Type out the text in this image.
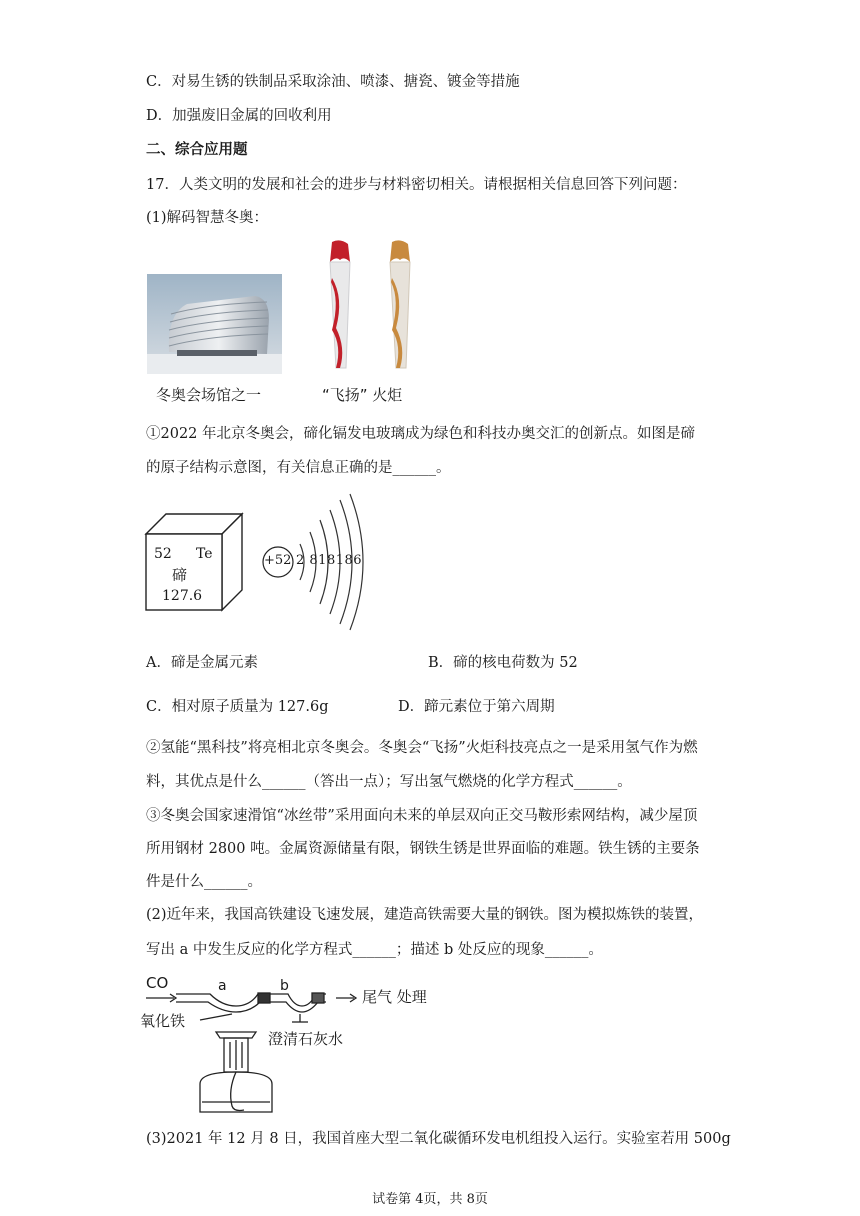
C．对易生锈的铁制品采取涂油、喷漆、搪瓷、镀金等措施
D．加强废旧金属的回收利用
二、综合应用题
17．人类文明的发展和社会的进步与材料密切相关。请根据相关信息回答下列问题：
(1)解码智慧冬奥：
冬奥会场馆之一	“飞扬” 火炬
①2022 年北京冬奥会，碲化镉发电玻璃成为绿色和科技办奥交汇的创新点。如图是碲
的原子结构示意图，有关信息正确的是______。
52 Te
碲
127.6
+52 2 818186
A．碲是金属元素	B．碲的核电荷数为 52
C．相对原子质量为 127.6g	D．蹄元素位于第六周期
②氢能“黑科技”将亮相北京冬奥会。冬奥会“飞扬”火炬科技亮点之一是采用氢气作为燃
料，其优点是什么______（答出一点）；写出氢气燃烧的化学方程式______。
③冬奥会国家速滑馆“冰丝带”采用面向未来的单层双向正交马鞍形索网结构，减少屋顶
所用钢材 2800 吨。金属资源储量有限，钢铁生锈是世界面临的难题。铁生锈的主要条
件是什么______。
(2)近年来，我国高铁建设飞速发展，建造高铁需要大量的钢铁。图为模拟炼铁的装置，
写出 a 中发生反应的化学方程式______；描述 b 处反应的现象______。
CO	a	b
尾气 处理
氧化铁
澄清石灰水
(3)2021 年 12 月 8 日，我国首座大型二氧化碳循环发电机组投入运行。实验室若用 500g
试卷第 4页，共 8页
